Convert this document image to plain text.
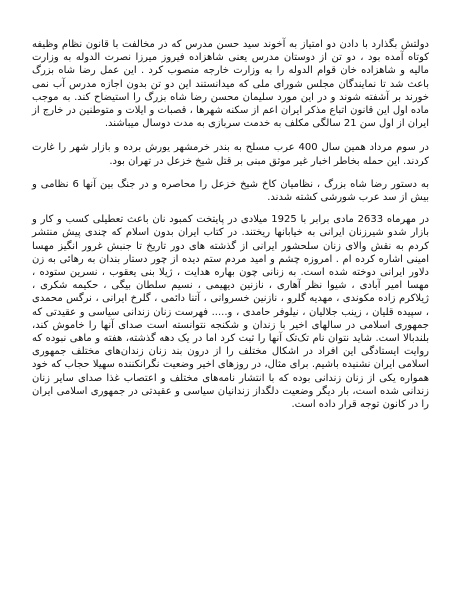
دولتش بگذارد با دادن دو امتیاز به آخوند سید حسن مدرس که در مخالفت با قانون نظام وظیفه کوتاه آمده بود ، دو تن از دوستان مدرس یعنی شاهزاده فیروز میرزا نصرت الدوله به وزارت مالیه و شاهزاده خان قوام الدوله را به وزارت خارجه منصوب کرد . این عمل رضا شاه بزرگ باعث شد تا نمایندگان مجلس شورای ملی که میدانستند این دو تن بدون اجازه مدرس آب نمی خورند بر آشفته شوند و در این مورد سلیمان محسن رضا شاه بزرگ را استیضاح کند. به موجب ماده اول این قانون اتباع مذکر ایران اعم از سکنه شهرها ، قصبات و ایلات و متوطنین در خارج از ایران از اول سن 21 سالگی مکلف به خدمت سربازی به مدت دوسال میباشند.

در سوم مرداد همین سال 400 عرب مسلح به بندر خرمشهر یورش برده و بازار شهر را غارت کردند. این حمله بخاطر اخبار غیر موثق مبنی بر قتل شیخ خزعل در تهران بود.

به دستور رضا شاه بزرگ ، نظامیان کاخ شیخ خزعل را محاصره و در جنگ بین آنها 6 نظامی و بیش از سد عرب شورشی کشته شدند.

در مهرماه 2633 مادی برابر با 1925 میلادی در پایتخت کمبود نان باعث تعطیلی کسب و کار و بازار شدو شیرزنان ایرانی به خیابانها ریختند. در کتاب ایران بدون اسلام که چندی پیش منتشر کردم به نقش والای زنان سلحشور ایرانی از گذشته های دور تاریخ تا جنبش غرور انگیز مهسا امینی اشاره کرده ام . امروزه چشم و امید مردم ستم دیده از چور دستار بندان به رهائی به زن دلاور ایرانی دوخته شده است. به زنانی چون بهاره هدایت ، ژیلا بنی یعقوب ، نسرین ستوده ، مهسا امیر آبادی ، شیوا نظر آهاری ، نازنین دیهیمی ، نسیم سلطان بیگی ، حکیمه شکری ، ژیلاکرم زاده مکوندی ، مهدیه گلرو ، نازنین خسروانی ، آتنا دائمی ، گلرخ ایرانی ، نرگس محمدی ، سپیده قلیان ، زینب جلالیان ، نیلوفر حامدی ، و..... فهرست زنان زندانی سیاسی و عقیدتی که جمهوری اسلامی در سالهای اخیر با زندان و شکنجه نتوانسته است صدای آنها را خاموش کند، بلندبالا است. شاید نتوان نام تک‌تک آنها را ثبت کرد اما در یک دهه گذشته، هفته و ماهی نبوده که روایت ایستادگی این افراد در اشکال مختلف را از درون بند زنان زندان‌های مختلف جمهوری اسلامی ایران نشنیده باشیم. برای مثال، در روزهای اخیر وضعیت نگرانکننده سهیلا حجاب که خود همواره یکی از زنان زندانی بوده که با انتشار نامه‌های مختلف و اعتصاب غذا صدای سایر زنان زندانی شده است، بار دیگر وضعیت دلگداز زندانیان سیاسی و عقیدتی در جمهوری اسلامی ایران را در کانون توجه قرار داده است.
